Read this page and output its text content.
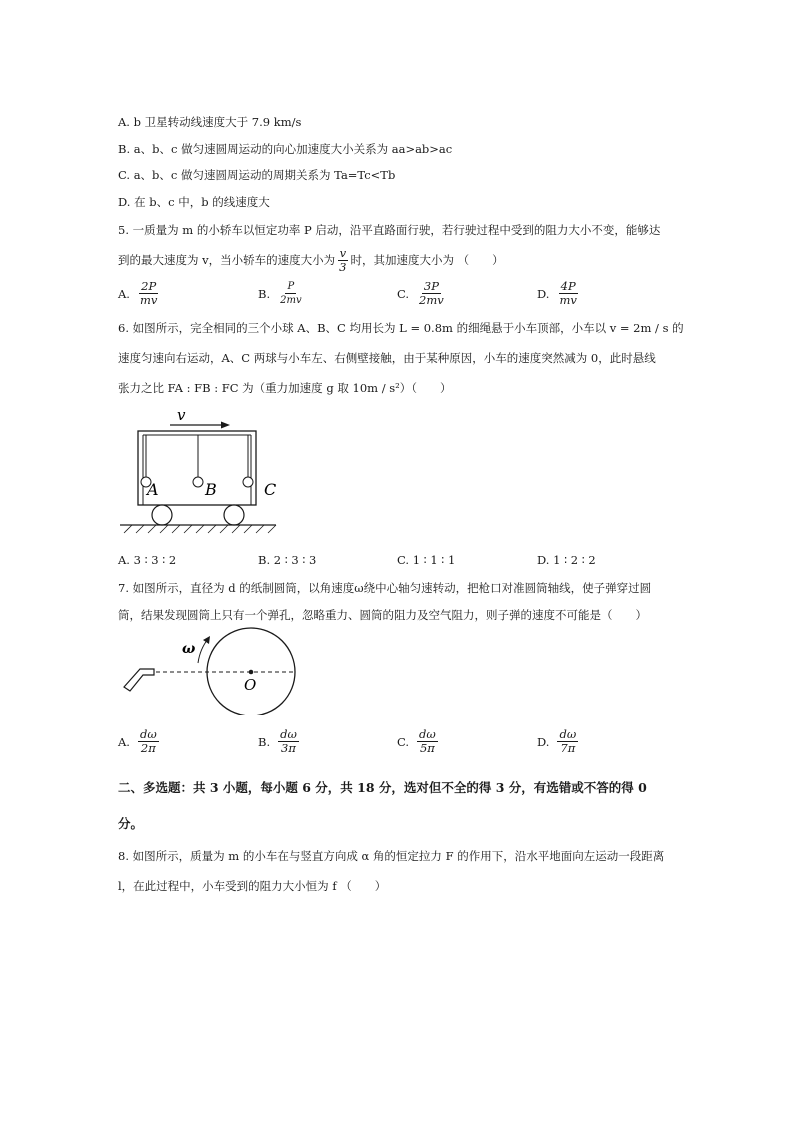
A. b 卫星转动线速度大于 7.9 km/s
B. a、b、c 做匀速圆周运动的向心加速度大小关系为 aa>ab>ac
C. a、b、c 做匀速圆周运动的周期关系为 Ta=Tc<Tb
D. 在 b、c 中，b 的线速度大
5. 一质量为 m 的小轿车以恒定功率 P 启动，沿平直路面行驶，若行驶过程中受到的阻力大小不变，能够达
到的最大速度为 v，当小轿车的速度大小为 $\frac{v}{3}$ 时，其加速度大小为 （　　）
A. $\frac{2P}{mv}$	B. $\frac{P}{2mv}$	C. $\frac{3P}{2mv}$	D. $\frac{4P}{mv}$
6. 如图所示，完全相同的三个小球 A、B、C 均用长为 L = 0.8m 的细绳悬于小车顶部，小车以 v = 2m / s 的
速度匀速向右运动，A、C 两球与小车左、右侧壁接触，由于某种原因，小车的速度突然减为 0，此时悬线
张力之比 FA : FB : FC 为（重力加速度 g 取 10m / s²）（　　）
v
A	B	C
A. 3 ∶ 3 ∶ 2	B. 2 ∶ 3 ∶ 3	C. 1 ∶ 1 ∶ 1	D. 1 ∶ 2 ∶ 2
7. 如图所示，直径为 d 的纸制圆筒，以角速度ω绕中心轴匀速转动，把枪口对准圆筒轴线，使子弹穿过圆
筒，结果发现圆筒上只有一个弹孔，忽略重力、圆筒的阻力及空气阻力，则子弹的速度不可能是（　　）
O
ω
A. $\frac{d\omega}{2\pi}$	B. $\frac{d\omega}{3\pi}$	C. $\frac{d\omega}{5\pi}$	D. $\frac{d\omega}{7\pi}$
二、多选题：共 3 小题，每小题 6 分，共 18 分，选对但不全的得 3 分，有选错或不答的得 0
分。
8. 如图所示，质量为 m 的小车在与竖直方向成 α 角的恒定拉力 F 的作用下，沿水平地面向左运动一段距离
l，在此过程中，小车受到的阻力大小恒为 f （　　）
